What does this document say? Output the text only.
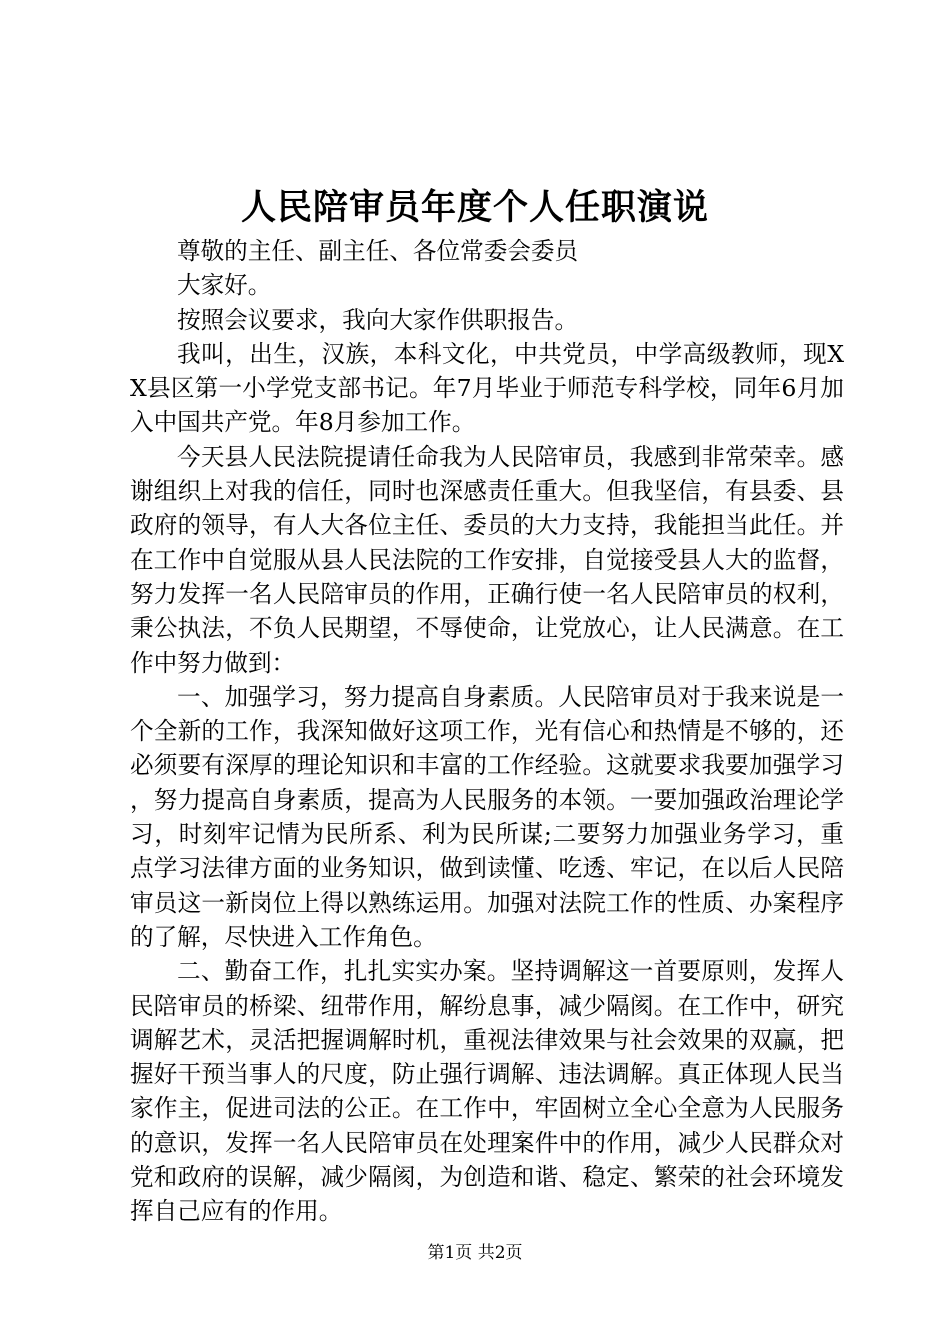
人民陪审员年度个人任职演说

尊敬的主任、副主任、各位常委会委员

大家好。

按照会议要求，我向大家作供职报告。

我叫，出生，汉族，本科文化，中共党员，中学高级教师，现XX县区第一小学党支部书记。年7月毕业于师范专科学校，同年6月加入中国共产党。年8月参加工作。

今天县人民法院提请任命我为人民陪审员，我感到非常荣幸。感谢组织上对我的信任，同时也深感责任重大。但我坚信，有县委、县政府的领导，有人大各位主任、委员的大力支持，我能担当此任。并在工作中自觉服从县人民法院的工作安排，自觉接受县人大的监督，努力发挥一名人民陪审员的作用，正确行使一名人民陪审员的权利，秉公执法，不负人民期望，不辱使命，让党放心，让人民满意。在工作中努力做到：

一、加强学习，努力提高自身素质。人民陪审员对于我来说是一个全新的工作，我深知做好这项工作，光有信心和热情是不够的，还必须要有深厚的理论知识和丰富的工作经验。这就要求我要加强学习，努力提高自身素质，提高为人民服务的本领。一要加强政治理论学习，时刻牢记情为民所系、利为民所谋;二要努力加强业务学习，重点学习法律方面的业务知识，做到读懂、吃透、牢记，在以后人民陪审员这一新岗位上得以熟练运用。加强对法院工作的性质、办案程序的了解，尽快进入工作角色。

二、勤奋工作，扎扎实实办案。坚持调解这一首要原则，发挥人民陪审员的桥梁、纽带作用，解纷息事，减少隔阂。在工作中，研究调解艺术，灵活把握调解时机，重视法律效果与社会效果的双赢，把握好干预当事人的尺度，防止强行调解、违法调解。真正体现人民当家作主，促进司法的公正。在工作中，牢固树立全心全意为人民服务的意识，发挥一名人民陪审员在处理案件中的作用，减少人民群众对党和政府的误解，减少隔阂，为创造和谐、稳定、繁荣的社会环境发挥自己应有的作用。

第1页 共2页
